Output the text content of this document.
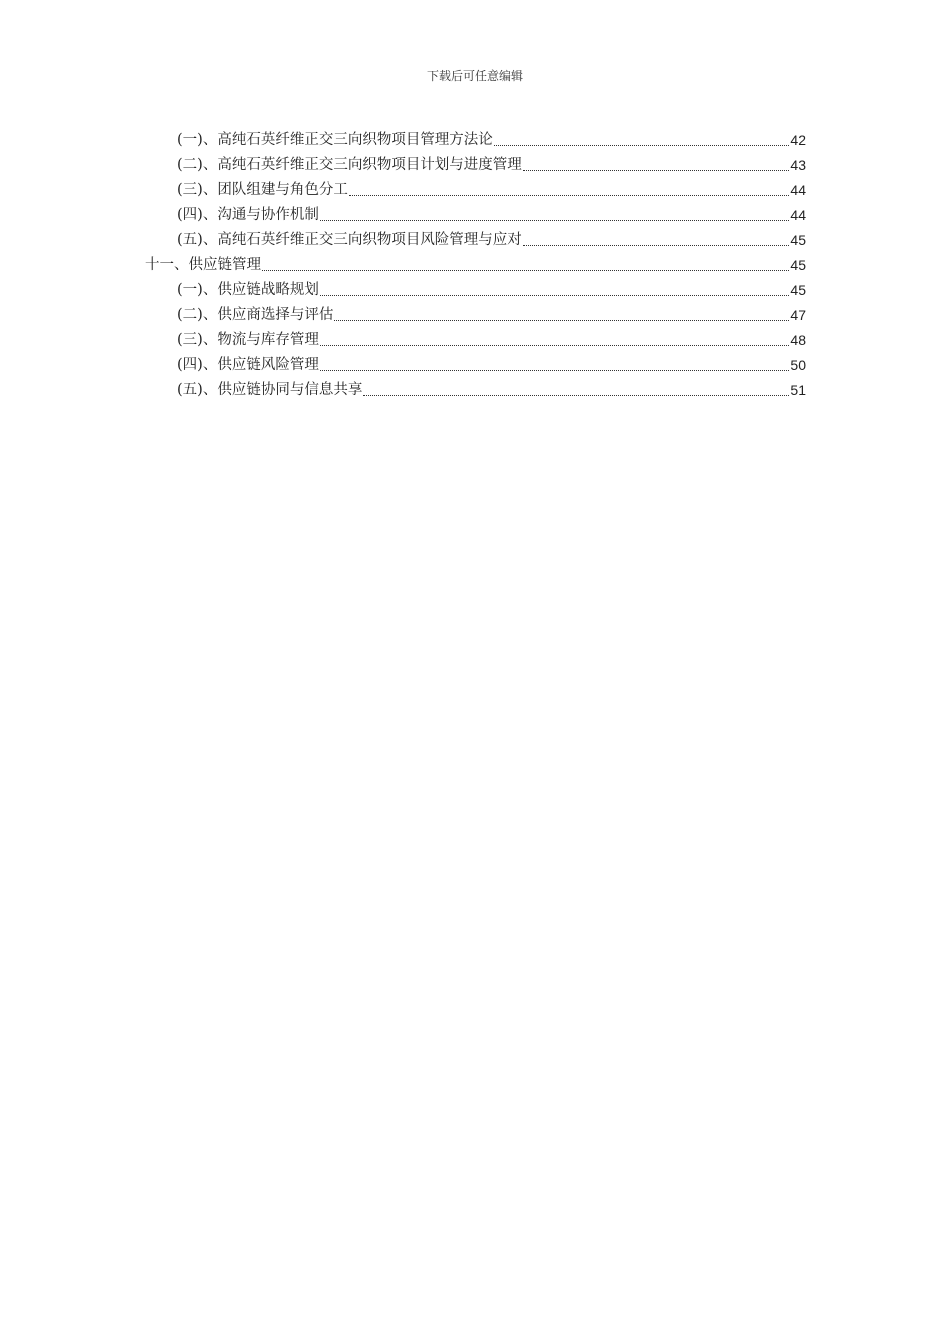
下载后可任意编辑
(一)、高纯石英纤维正交三向织物项目管理方法论	42
(二)、高纯石英纤维正交三向织物项目计划与进度管理	43
(三)、团队组建与角色分工	44
(四)、沟通与协作机制	44
(五)、高纯石英纤维正交三向织物项目风险管理与应对	45
十一、供应链管理	45
(一)、供应链战略规划	45
(二)、供应商选择与评估	47
(三)、物流与库存管理	48
(四)、供应链风险管理	50
(五)、供应链协同与信息共享	51
